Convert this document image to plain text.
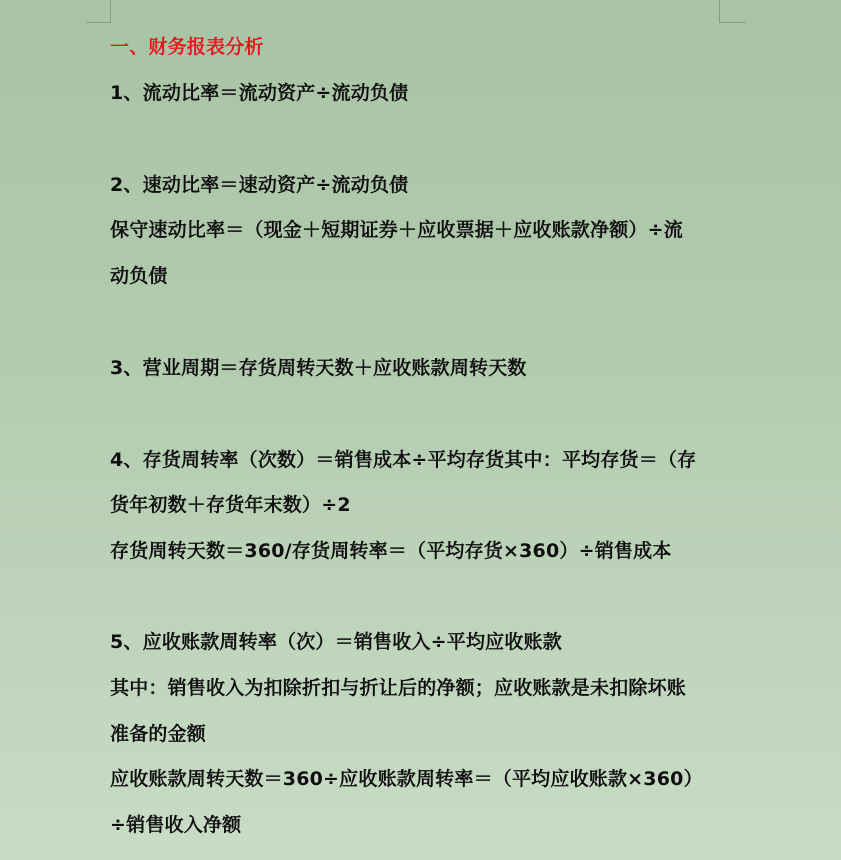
一、财务报表分析
1、流动比率＝流动资产÷流动负债
2、速动比率＝速动资产÷流动负债
保守速动比率＝（现金＋短期证券＋应收票据＋应收账款净额）÷流
动负债
3、营业周期＝存货周转天数＋应收账款周转天数
4、存货周转率（次数）＝销售成本÷平均存货其中：平均存货＝（存
货年初数＋存货年末数）÷2
存货周转天数＝360/存货周转率＝（平均存货×360）÷销售成本
5、应收账款周转率（次）＝销售收入÷平均应收账款
其中：销售收入为扣除折扣与折让后的净额；应收账款是未扣除坏账
准备的金额
应收账款周转天数＝360÷应收账款周转率＝（平均应收账款×360）
÷销售收入净额
